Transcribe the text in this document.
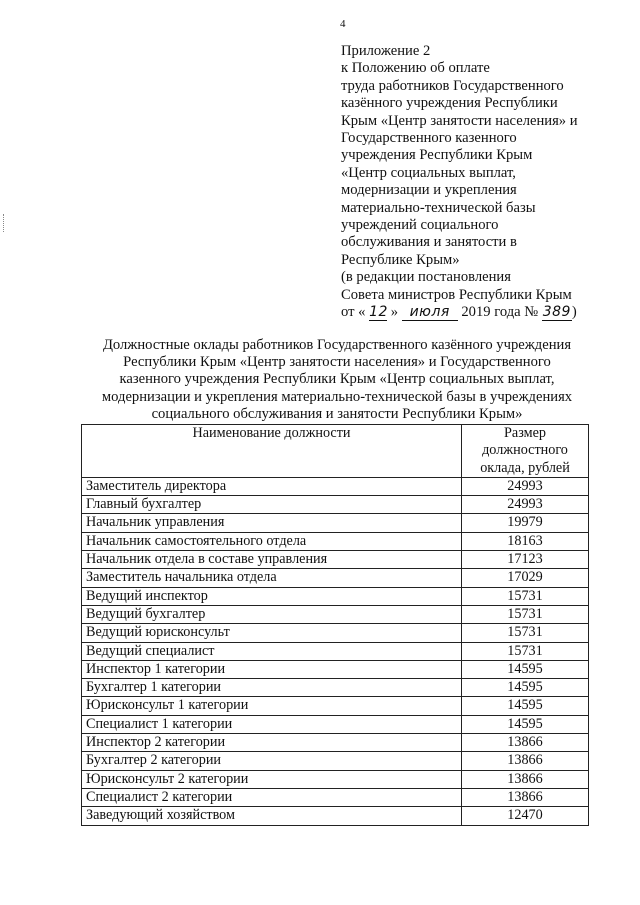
4
Приложение 2
к Положению об оплате
труда работников Государственного
казённого учреждения Республики
Крым «Центр занятости населения» и
Государственного казенного
учреждения Республики Крым
«Центр социальных выплат,
модернизации и укрепления
материально-технической базы
учреждений социального
обслуживания и занятости в
Республике Крым»
(в редакции постановления
Совета министров Республики Крым
от « 12 » июля 2019 года № 389)
Должностные оклады работников Государственного казённого учреждения
Республики Крым «Центр занятости населения» и Государственного
казенного учреждения Республики Крым «Центр социальных выплат,
модернизации и укрепления материально-технической базы в учреждениях
социального обслуживания и занятости Республики Крым»
Наименование должности	Размер
должностного
оклада, рублей

Заместитель директора	24993
Главный бухгалтер	24993
Начальник управления	19979
Начальник самостоятельного отдела	18163
Начальник отдела в составе управления	17123
Заместитель начальника отдела	17029
Ведущий инспектор	15731
Ведущий бухгалтер	15731
Ведущий юрисконсульт	15731
Ведущий специалист	15731
Инспектор 1 категории	14595
Бухгалтер 1 категории	14595
Юрисконсульт 1 категории	14595
Специалист 1 категории	14595
Инспектор 2 категории	13866
Бухгалтер 2 категории	13866
Юрисконсульт 2 категории	13866
Специалист 2 категории	13866
Заведующий хозяйством	12470
